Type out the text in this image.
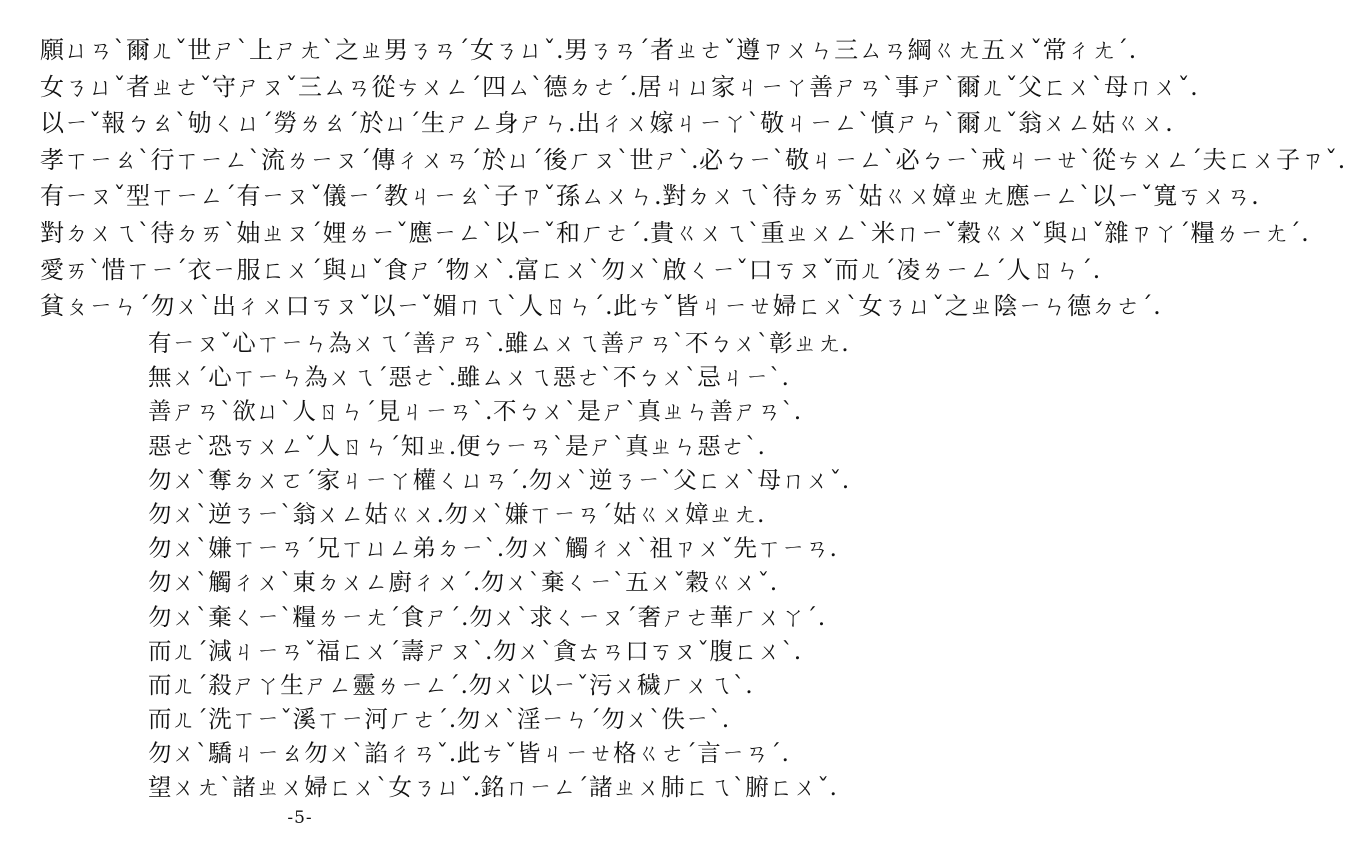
願ㄩㄢˋ爾ㄦˇ世ㄕˋ上ㄕㄤˋ之ㄓ男ㄋㄢˊ女ㄋㄩˇ.男ㄋㄢˊ者ㄓㄜˇ遵ㄗㄨㄣ三ㄙㄢ綱ㄍㄤ五ㄨˇ常ㄔㄤˊ.
女ㄋㄩˇ者ㄓㄜˇ守ㄕㄡˇ三ㄙㄢ從ㄘㄨㄥˊ四ㄙˋ德ㄉㄜˊ.居ㄐㄩ家ㄐㄧㄚ善ㄕㄢˋ事ㄕˋ爾ㄦˇ父ㄈㄨˋ母ㄇㄨˇ.
以ㄧˇ報ㄅㄠˋ劬ㄑㄩˊ勞ㄌㄠˊ於ㄩˊ生ㄕㄥ身ㄕㄣ.出ㄔㄨ嫁ㄐㄧㄚˋ敬ㄐㄧㄥˋ慎ㄕㄣˋ爾ㄦˇ翁ㄨㄥ姑ㄍㄨ.
孝ㄒㄧㄠˋ行ㄒㄧㄥˋ流ㄌㄧㄡˊ傳ㄔㄨㄢˊ於ㄩˊ後ㄏㄡˋ世ㄕˋ.必ㄅㄧˋ敬ㄐㄧㄥˋ必ㄅㄧˋ戒ㄐㄧㄝˋ從ㄘㄨㄥˊ夫ㄈㄨ子ㄗˇ.
有ㄧㄡˇ型ㄒㄧㄥˊ有ㄧㄡˇ儀ㄧˊ教ㄐㄧㄠˋ子ㄗˇ孫ㄙㄨㄣ.對ㄉㄨㄟˋ待ㄉㄞˋ姑ㄍㄨ嫜ㄓㄤ應ㄧㄥˋ以ㄧˇ寬ㄎㄨㄢ.
對ㄉㄨㄟˋ待ㄉㄞˋ妯ㄓㄡˊ娌ㄌㄧˇ應ㄧㄥˋ以ㄧˇ和ㄏㄜˊ.貴ㄍㄨㄟˋ重ㄓㄨㄥˋ米ㄇㄧˇ穀ㄍㄨˇ與ㄩˇ雜ㄗㄚˊ糧ㄌㄧㄤˊ.
愛ㄞˋ惜ㄒㄧˊ衣ㄧ服ㄈㄨˊ與ㄩˇ食ㄕˊ物ㄨˋ.富ㄈㄨˋ勿ㄨˋ啟ㄑㄧˇ口ㄎㄡˇ而ㄦˊ凌ㄌㄧㄥˊ人ㄖㄣˊ.
貧ㄆㄧㄣˊ勿ㄨˋ出ㄔㄨ口ㄎㄡˇ以ㄧˇ媚ㄇㄟˋ人ㄖㄣˊ.此ㄘˇ皆ㄐㄧㄝ婦ㄈㄨˋ女ㄋㄩˇ之ㄓ陰ㄧㄣ德ㄉㄜˊ.
有ㄧㄡˇ心ㄒㄧㄣ為ㄨㄟˊ善ㄕㄢˋ.雖ㄙㄨㄟ善ㄕㄢˋ不ㄅㄨˋ彰ㄓㄤ.
無ㄨˊ心ㄒㄧㄣ為ㄨㄟˊ惡ㄜˋ.雖ㄙㄨㄟ惡ㄜˋ不ㄅㄨˋ忌ㄐㄧˋ.
善ㄕㄢˋ欲ㄩˋ人ㄖㄣˊ見ㄐㄧㄢˋ.不ㄅㄨˋ是ㄕˋ真ㄓㄣ善ㄕㄢˋ.
惡ㄜˋ恐ㄎㄨㄥˇ人ㄖㄣˊ知ㄓ.便ㄅㄧㄢˋ是ㄕˋ真ㄓㄣ惡ㄜˋ.
勿ㄨˋ奪ㄉㄨㄛˊ家ㄐㄧㄚ權ㄑㄩㄢˊ.勿ㄨˋ逆ㄋㄧˋ父ㄈㄨˋ母ㄇㄨˇ.
勿ㄨˋ逆ㄋㄧˋ翁ㄨㄥ姑ㄍㄨ.勿ㄨˋ嫌ㄒㄧㄢˊ姑ㄍㄨ嫜ㄓㄤ.
勿ㄨˋ嫌ㄒㄧㄢˊ兄ㄒㄩㄥ弟ㄉㄧˋ.勿ㄨˋ觸ㄔㄨˋ祖ㄗㄨˇ先ㄒㄧㄢ.
勿ㄨˋ觸ㄔㄨˋ東ㄉㄨㄥ廚ㄔㄨˊ.勿ㄨˋ棄ㄑㄧˋ五ㄨˇ穀ㄍㄨˇ.
勿ㄨˋ棄ㄑㄧˋ糧ㄌㄧㄤˊ食ㄕˊ.勿ㄨˋ求ㄑㄧㄡˊ奢ㄕㄜ華ㄏㄨㄚˊ.
而ㄦˊ減ㄐㄧㄢˇ福ㄈㄨˊ壽ㄕㄡˋ.勿ㄨˋ貪ㄊㄢ口ㄎㄡˇ腹ㄈㄨˋ.
而ㄦˊ殺ㄕㄚ生ㄕㄥ靈ㄌㄧㄥˊ.勿ㄨˋ以ㄧˇ污ㄨ穢ㄏㄨㄟˋ.
而ㄦˊ洗ㄒㄧˇ溪ㄒㄧ河ㄏㄜˊ.勿ㄨˋ淫ㄧㄣˊ勿ㄨˋ佚ㄧˋ.
勿ㄨˋ驕ㄐㄧㄠ勿ㄨˋ諂ㄔㄢˇ.此ㄘˇ皆ㄐㄧㄝ格ㄍㄜˊ言ㄧㄢˊ.
望ㄨㄤˋ諸ㄓㄨ婦ㄈㄨˋ女ㄋㄩˇ.銘ㄇㄧㄥˊ諸ㄓㄨ肺ㄈㄟˋ腑ㄈㄨˇ.
-5-
